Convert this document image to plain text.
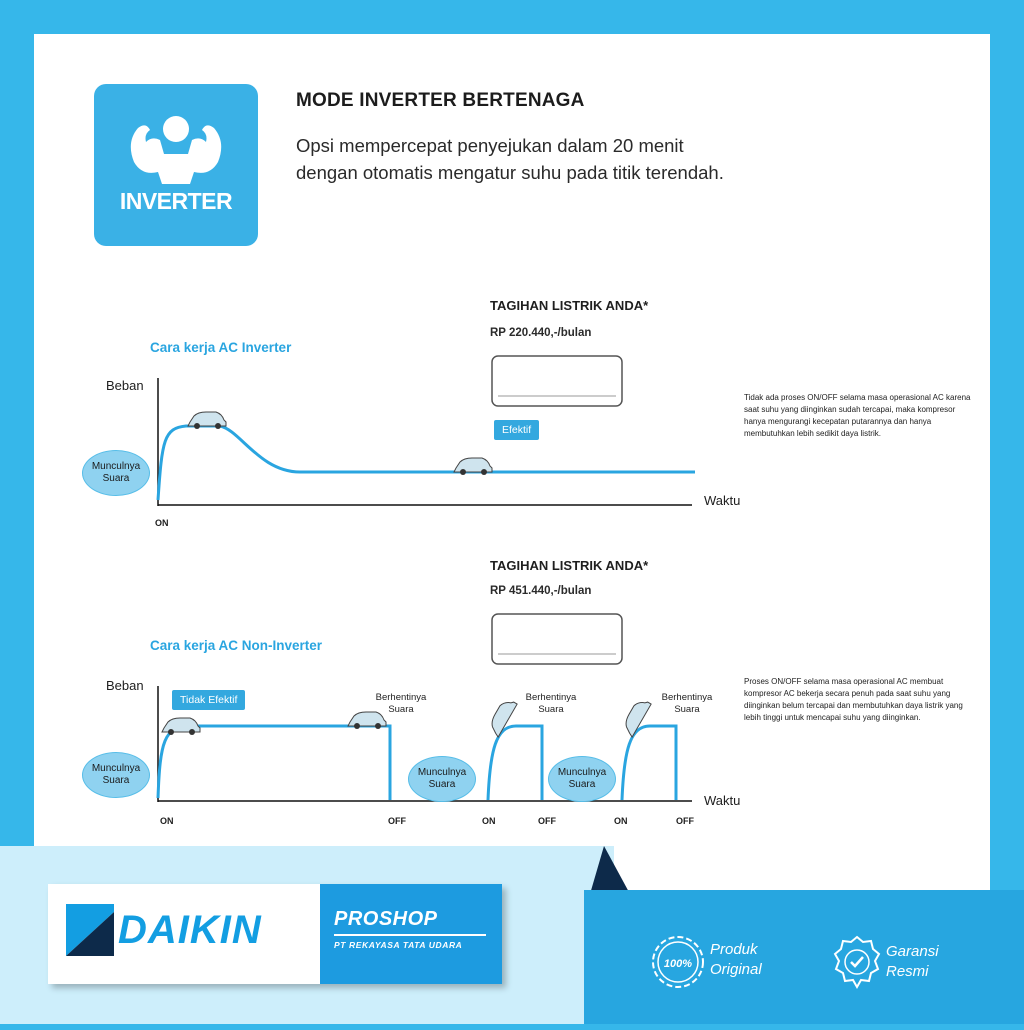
INVERTER
MODE INVERTER BERTENAGA
Opsi mempercepat penyejukan dalam 20 menit
dengan otomatis mengatur suhu pada titik terendah.
TAGIHAN LISTRIK ANDA*
RP 220.440,-/bulan
Cara kerja AC Inverter
Beban
Waktu
ON
Efektif
Munculnya
Suara
Tidak ada proses ON/OFF selama masa operasional AC karena saat suhu yang diinginkan sudah tercapai, maka kompresor hanya mengurangi kecepatan putarannya dan hanya membutuhkan lebih sedikit daya listrik.
TAGIHAN LISTRIK ANDA*
RP 451.440,-/bulan
Cara kerja AC Non-Inverter
Beban
Waktu
Tidak Efektif
Munculnya
Suara
Munculnya
Suara
Munculnya
Suara
Berhentinya
Suara
Berhentinya
Suara
Berhentinya
Suara
ON	OFF	ON	OFF	ON	OFF
Proses ON/OFF selama masa operasional AC membuat kompresor AC bekerja secara penuh pada saat suhu yang diinginkan belum tercapai dan membutuhkan daya listrik yang lebih tinggi untuk mencapai suhu yang diinginkan.
DAIKIN	PROSHOP
PT REKAYASA TATA UDARA
100%
Produk
Original
Garansi
Resmi
